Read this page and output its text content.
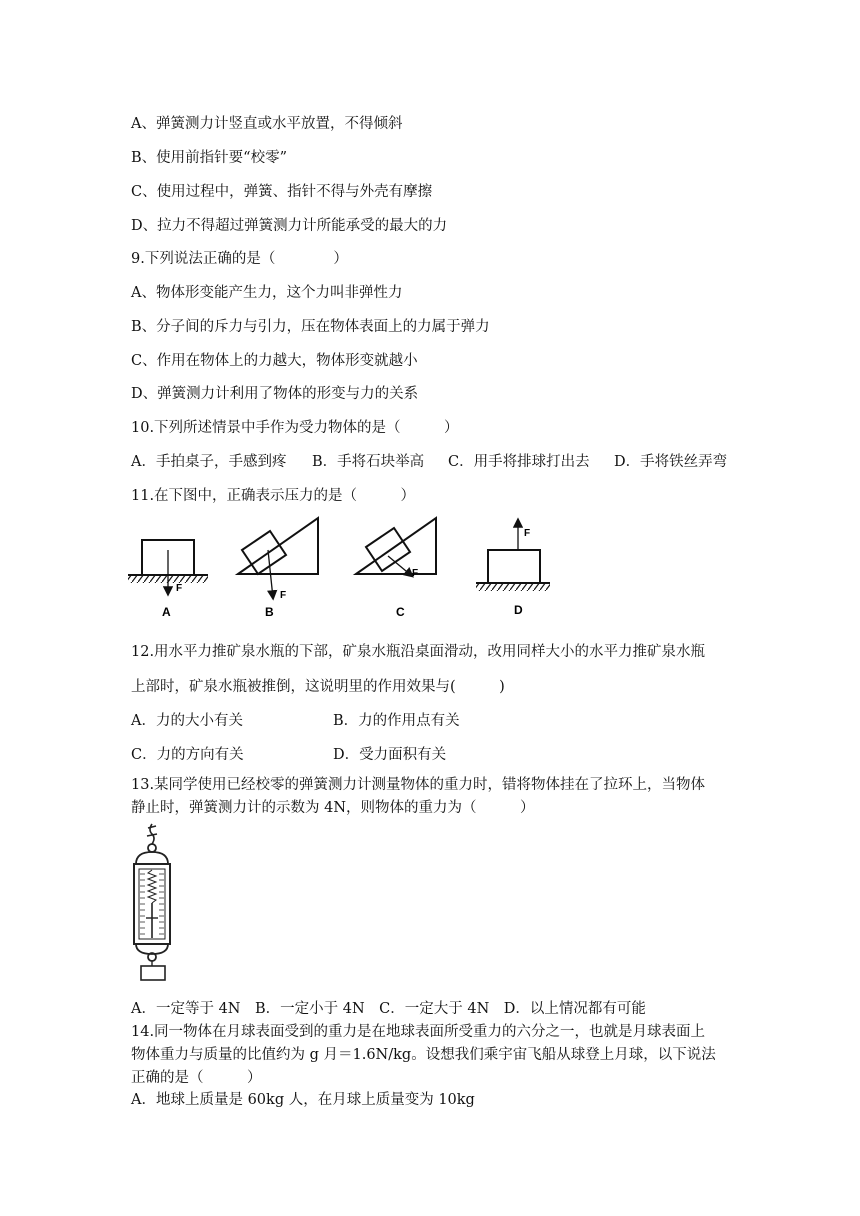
A、弹簧测力计竖直或水平放置，不得倾斜
B、使用前指针要“校零”
C、使用过程中，弹簧、指针不得与外壳有摩擦
D、拉力不得超过弹簧测力计所能承受的最大的力
9.下列说法正确的是（　　　　）
A、物体形变能产生力，这个力叫非弹性力
B、分子间的斥力与引力，压在物体表面上的力属于弹力
C、作用在物体上的力越大，物体形变就越小
D、弹簧测力计利用了物体的形变与力的关系
10.下列所述情景中手作为受力物体的是（　　　）
A．手拍桌子，手感到疼 B．手将石块举高 C．用手将排球打出去 D．手将铁丝弄弯
11.在下图中，正确表示压力的是（　　　）
F
A
F
B
F
C
F
D
12.用水平力推矿泉水瓶的下部，矿泉水瓶沿桌面滑动，改用同样大小的水平力推矿泉水瓶
上部时，矿泉水瓶被推倒，这说明里的作用效果与(　　　)
A．力的大小有关	B．力的作用点有关
C．力的方向有关	D．受力面积有关
13.某同学使用已经校零的弹簧测力计测量物体的重力时，错将物体挂在了拉环上，当物体
静止时，弹簧测力计的示数为 4N，则物体的重力为（　　　）
A．一定等于 4N　B．一定小于 4N　C．一定大于 4N　D．以上情况都有可能
14.同一物体在月球表面受到的重力是在地球表面所受重力的六分之一，也就是月球表面上
物体重力与质量的比值约为 g 月＝1.6N/kg。设想我们乘宇宙飞船从球登上月球，以下说法
正确的是（　　　）
A．地球上质量是 60kg 人，在月球上质量变为 10kg
